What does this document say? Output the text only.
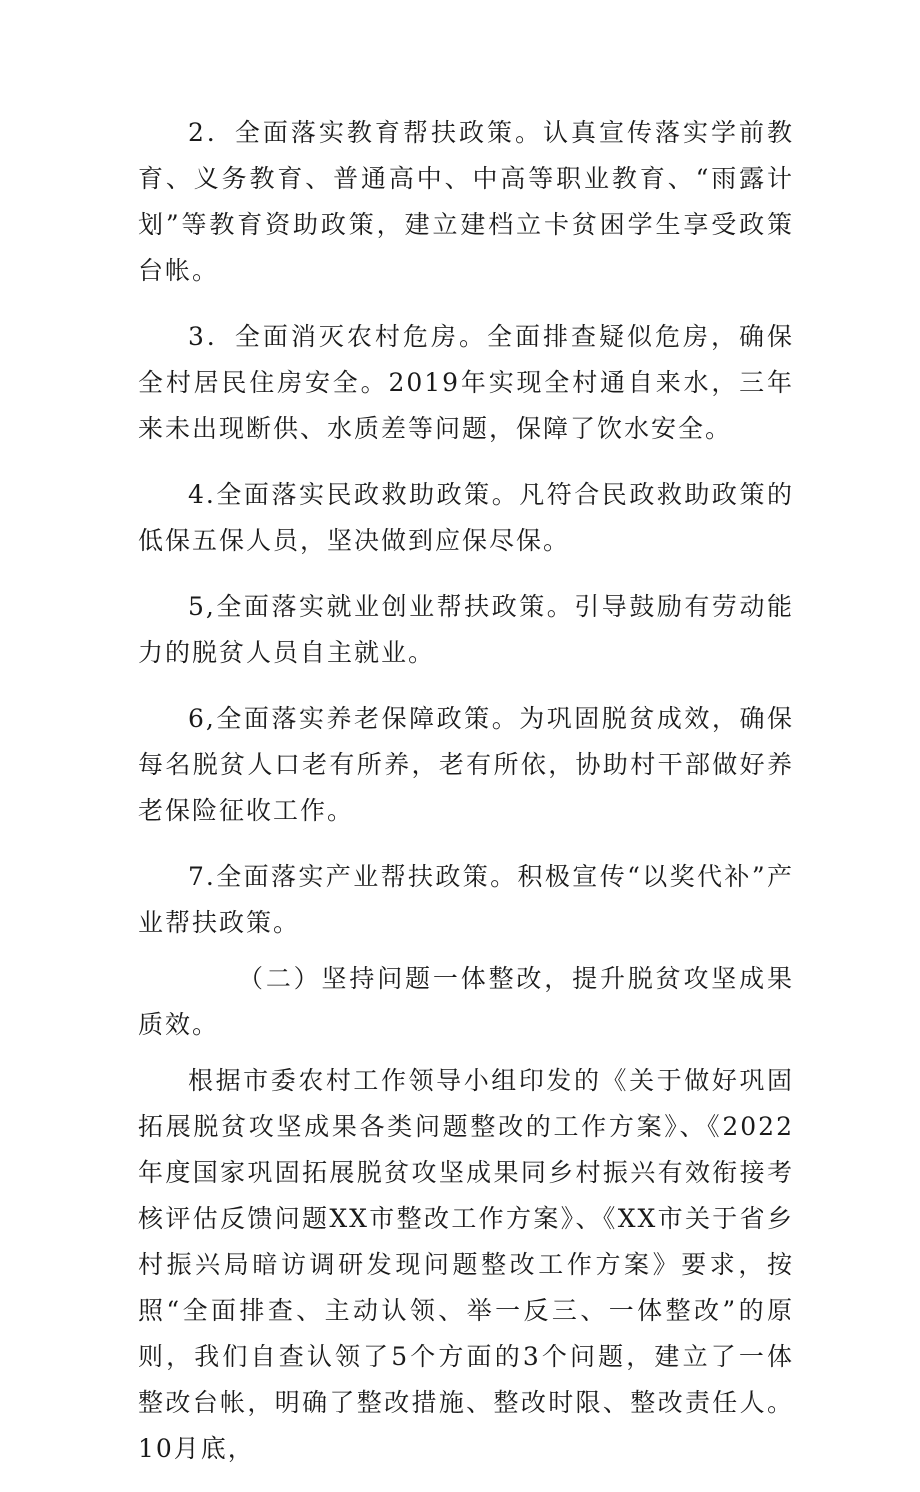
2．全面落实教育帮扶政策。认真宣传落实学前教育、义务教育、普通高中、中高等职业教育、“雨露计划”等教育资助政策，建立建档立卡贫困学生享受政策台帐。

3．全面消灭农村危房。全面排查疑似危房，确保全村居民住房安全。2019年实现全村通自来水，三年来未出现断供、水质差等问题，保障了饮水安全。

4.全面落实民政救助政策。凡符合民政救助政策的低保五保人员，坚决做到应保尽保。

5,全面落实就业创业帮扶政策。引导鼓励有劳动能力的脱贫人员自主就业。

6,全面落实养老保障政策。为巩固脱贫成效，确保每名脱贫人口老有所养，老有所依，协助村干部做好养老保险征收工作。

7.全面落实产业帮扶政策。积极宣传“以奖代补”产业帮扶政策。

（二）坚持问题一体整改，提升脱贫攻坚成果质效。

根据市委农村工作领导小组印发的《关于做好巩固拓展脱贫攻坚成果各类问题整改的工作方案》、《2022年度国家巩固拓展脱贫攻坚成果同乡村振兴有效衔接考核评估反馈问题XX市整改工作方案》、《XX市关于省乡村振兴局暗访调研发现问题整改工作方案》要求，按照“全面排查、主动认领、举一反三、一体整改”的原则，我们自查认领了5个方面的3个问题，建立了一体整改台帐，明确了整改措施、整改时限、整改责任人。10月底，
